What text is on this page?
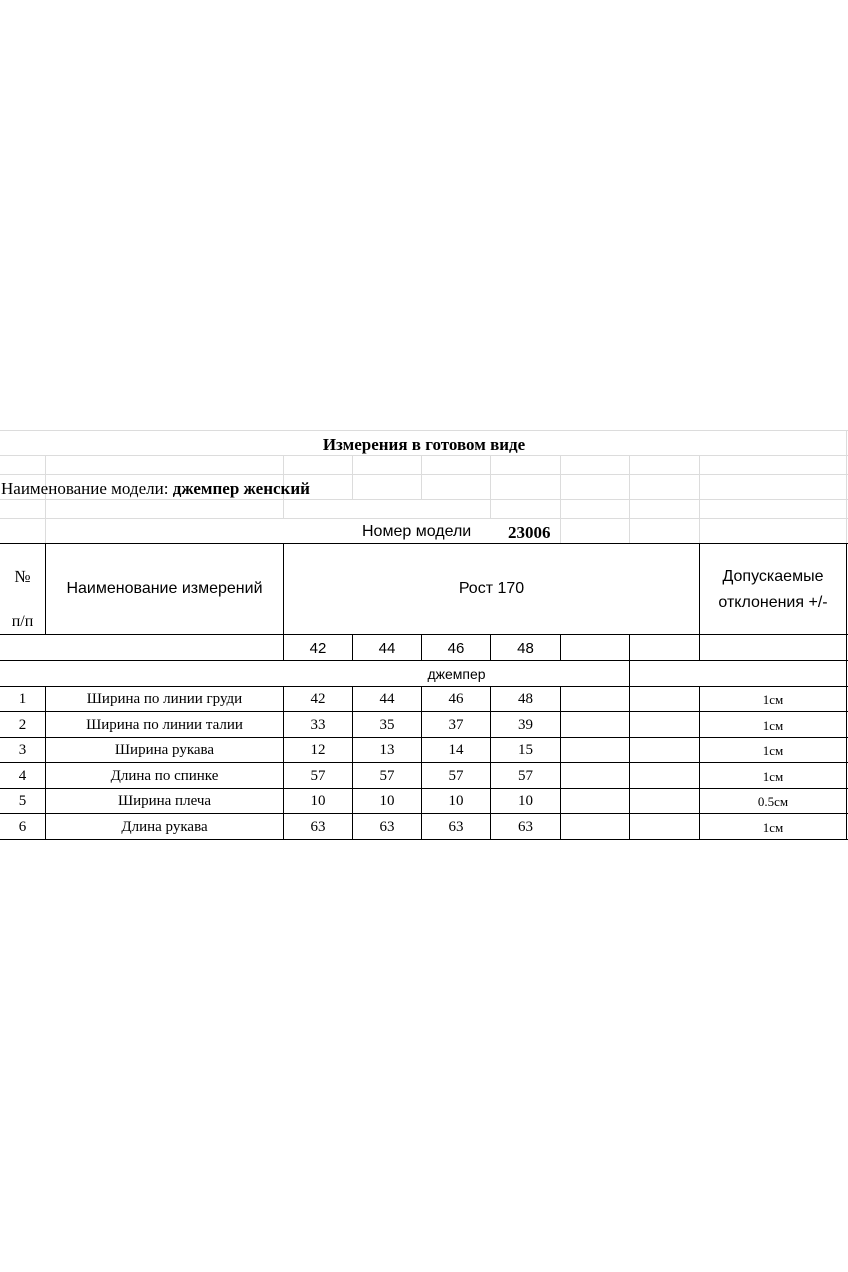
Измерения в готовом виде
Наименование модели: джемпер женский
Номер модели 23006
№
п/п
Наименование измерений	Рост 170
Допускаемые
отклонения +/-
42	44	46	48
джемпер
1	Ширина по линии груди	42	44	46	48	1см
2	Ширина по линии талии	33	35	37	39	1см
3	Ширина рукава	12	13	14	15	1см
4	Длина по спинке	57	57	57	57	1см
5	Ширина плеча	10	10	10	10	0.5см
6	Длина рукава	63	63	63	63	1см
